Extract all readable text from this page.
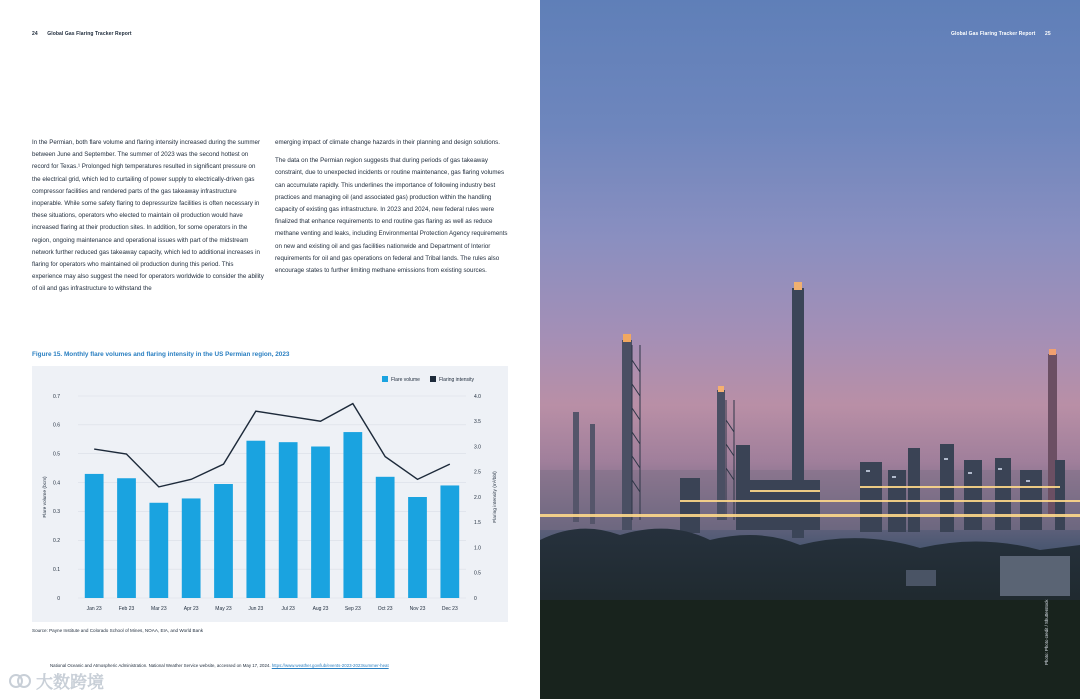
24 Global Gas Flaring Tracker Report

In the Permian, both flare volume and flaring intensity increased during the summer between June and September. The summer of 2023 was the second hottest on record for Texas.¹ Prolonged high temperatures resulted in significant pressure on the electrical grid, which led to curtailing of power supply to electrically-driven gas compressor facilities and rendered parts of the gas takeaway infrastructure inoperable. While some safety flaring to depressurize facilities is often necessary in these situations, operators who elected to maintain oil production would have increased flaring at their production sites. In addition, for some operators in the region, ongoing maintenance and operational issues with part of the midstream network further reduced gas takeaway capacity, which led to additional increases in flaring for operators who maintained oil production during this period. This experience may also suggest the need for operators worldwide to consider the ability of oil and gas infrastructure to withstand the

emerging impact of climate change hazards in their planning and design solutions.

The data on the Permian region suggests that during periods of gas takeaway constraint, due to unexpected incidents or routine maintenance, gas flaring volumes can accumulate rapidly. This underlines the importance of following industry best practices and managing oil (and associated gas) production within the handling capacity of existing gas infrastructure. In 2023 and 2024, new federal rules were finalized that enhance requirements to end routine gas flaring as well as reduce methane venting and leaks, including Environmental Protection Agency requirements on new and existing oil and gas facilities nationwide and Department of Interior requirements for oil and gas operations on federal and Tribal lands. The rules also encourage states to further limiting methane emissions from existing sources.

Figure 15. Monthly flare volumes and flaring intensity in the US Permian region, 2023
0
0.1
0.2
0.3
0.4
0.5
0.6
0.7
0
0.5
1.0
1.5
2.0
2.5
3.0
3.5
4.0
Jan 23	Feb 23	Mar 23	Apr 23	May 23	Jun 23	Jul 23	Aug 23	Sep 23	Oct 23	Nov 23	Dec 23
Flare volume (bcm)	Flaring intensity (m³/bbl)
Flare volume	Flaring intensity
Source: Payne Institute and Colorado School of Mines, NOAA, EIA, and World Bank
National Oceanic and Atmospheric Administration. National Weather Service website, accessed on May 17, 2024. https://www.weather.gov/lub/events-2023-2023summer-heat
大数跨境
Global Gas Flaring Tracker Report 25
Photo: Photo credit / Shutterstock
